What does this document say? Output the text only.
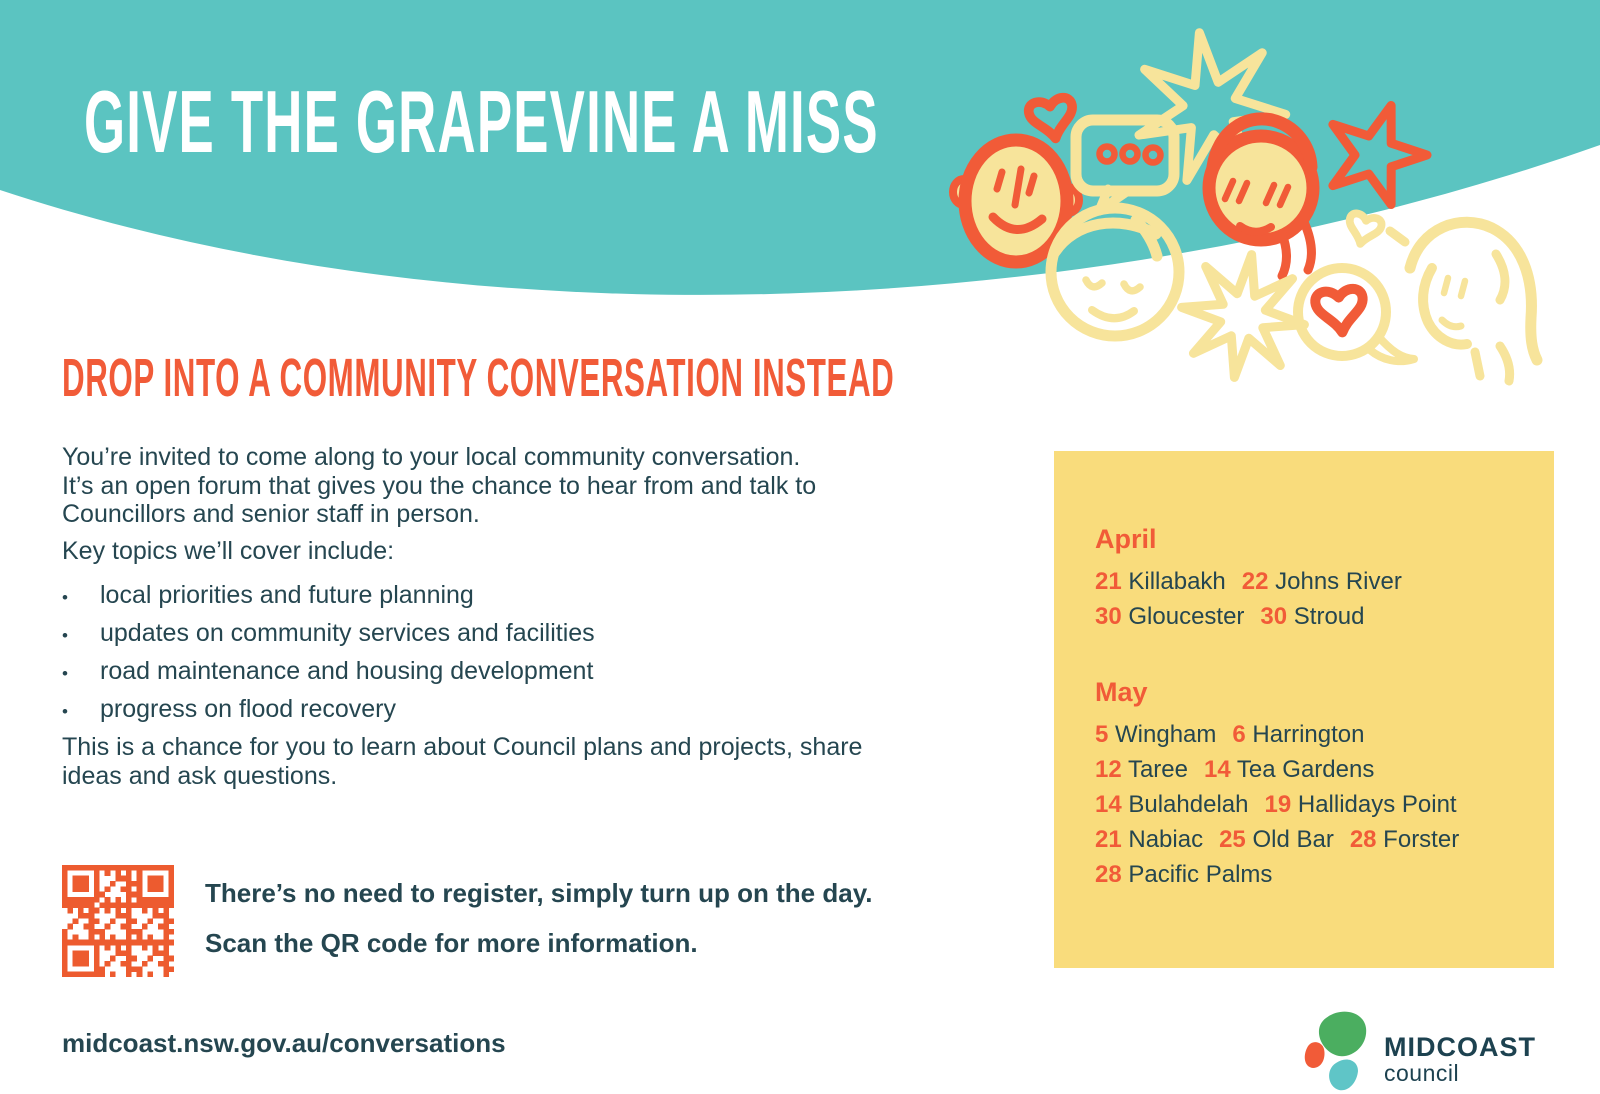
GIVE THE GRAPEVINE A MISS
DROP INTO A COMMUNITY CONVERSATION INSTEAD
You’re invited to come along to your local community conversation.
It’s an open forum that gives you the chance to hear from and talk to
Councillors and senior staff in person.
Key topics we’ll cover include:
•	local priorities and future planning
•	updates on community services and facilities
•	road maintenance and housing development
•	progress on flood recovery
This is a chance for you to learn about Council plans and projects, share
ideas and ask questions.
There’s no need to register, simply turn up on the day.
Scan the QR code for more information.
midcoast.nsw.gov.au/conversations
April
21 Killabakh 22 Johns River
30 Gloucester 30 Stroud
May
5 Wingham 6 Harrington
12 Taree 14 Tea Gardens
14 Bulahdelah 19 Hallidays Point
21 Nabiac 25 Old Bar 28 Forster
28 Pacific Palms
MIDCOAST
council
